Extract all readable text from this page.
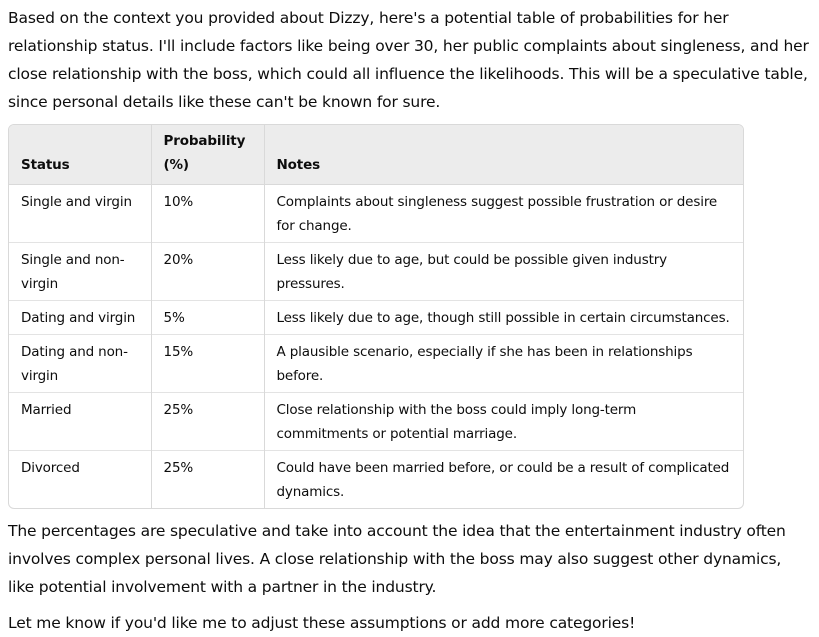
Based on the context you provided about Dizzy, here's a potential table of probabilities for her relationship status. I'll include factors like being over 30, her public complaints about singleness, and her close relationship with the boss, which could all influence the likelihoods. This will be a speculative table, since personal details like these can't be known for sure.

Status	Probability (%)	Notes
Single and virgin	10%	Complaints about singleness suggest possible frustration or desire for change.
Single and non-virgin	20%	Less likely due to age, but could be possible given industry pressures.
Dating and virgin	5%	Less likely due to age, though still possible in certain circumstances.
Dating and non-virgin	15%	A plausible scenario, especially if she has been in relationships before.
Married	25%	Close relationship with the boss could imply long-term commitments or potential marriage.
Divorced	25%	Could have been married before, or could be a result of complicated dynamics.

The percentages are speculative and take into account the idea that the entertainment industry often involves complex personal lives. A close relationship with the boss may also suggest other dynamics, like potential involvement with a partner in the industry.

Let me know if you'd like me to adjust these assumptions or add more categories!
